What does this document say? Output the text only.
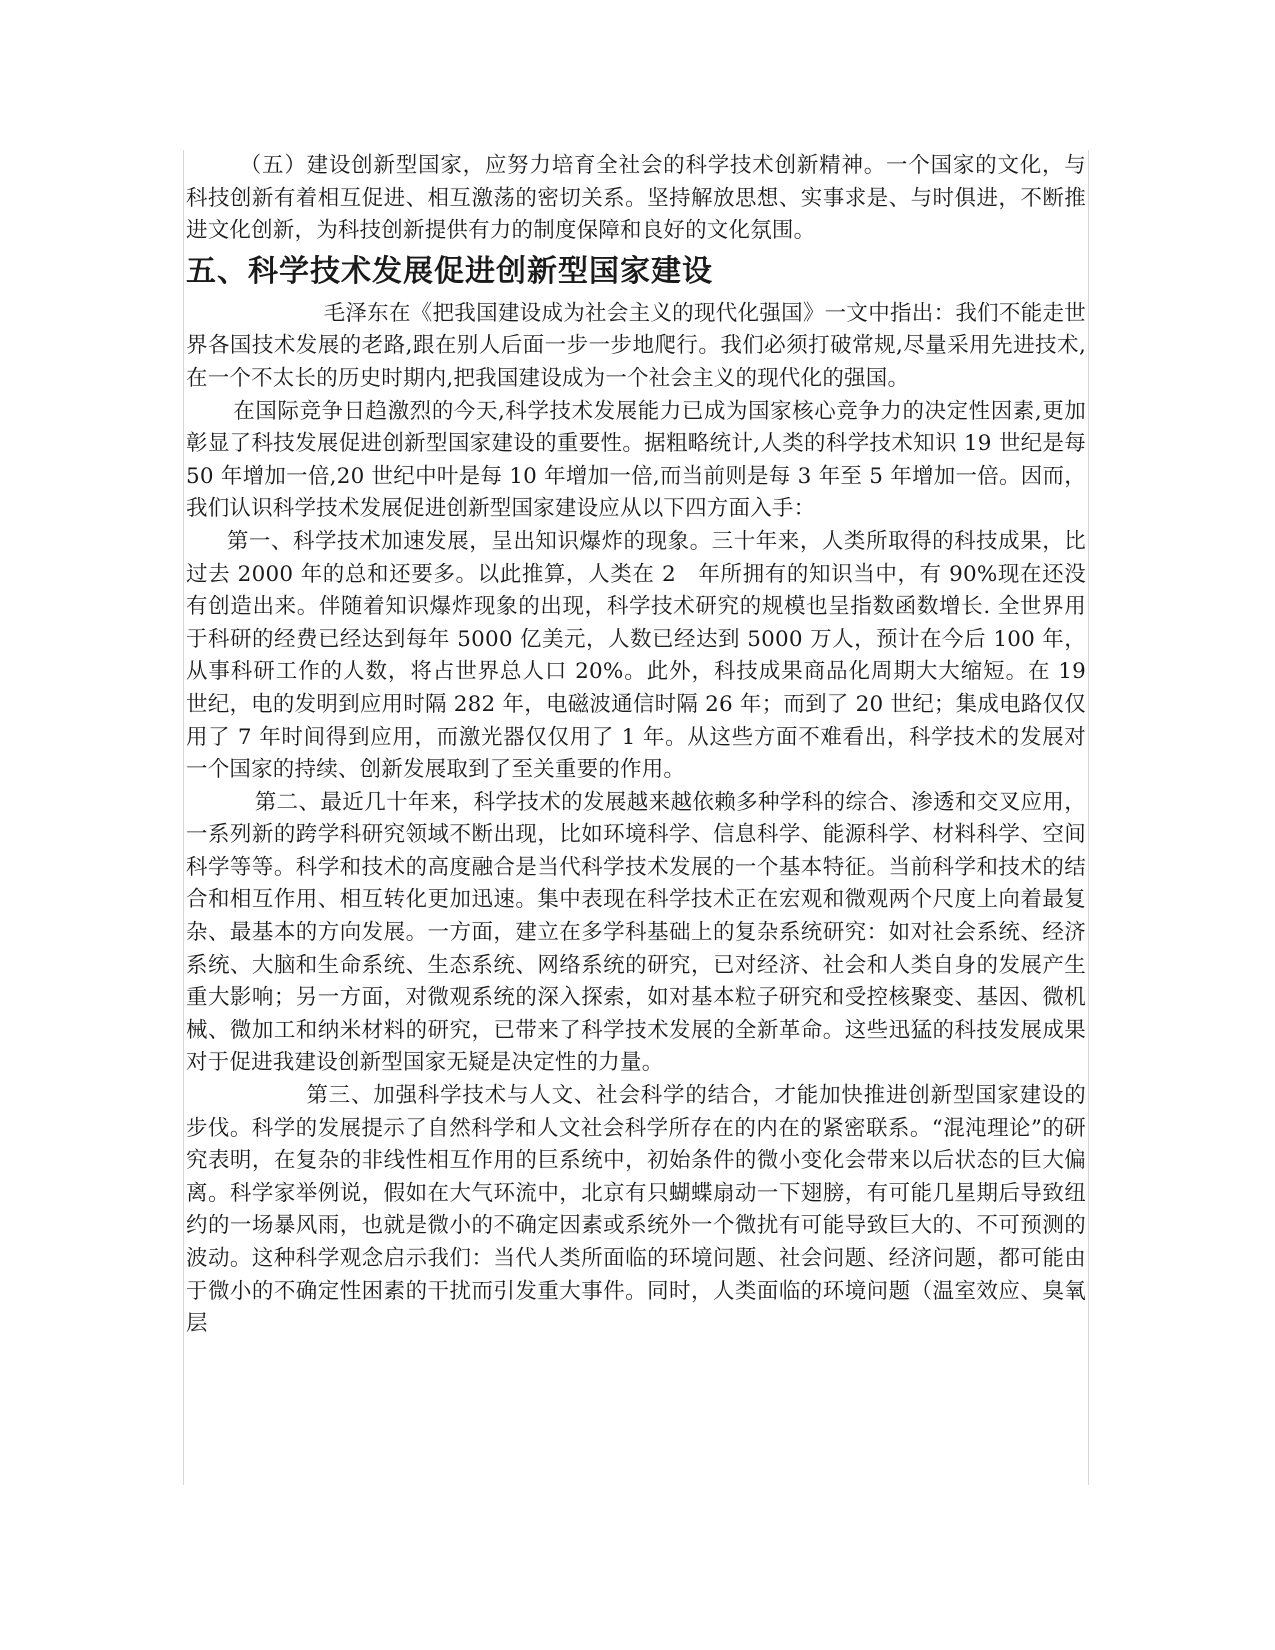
（五）建设创新型国家，应努力培育全社会的科学技术创新精神。一个国家的文化，与科技创新有着相互促进、相互激荡的密切关系。坚持解放思想、实事求是、与时俱进，不断推进文化创新，为科技创新提供有力的制度保障和良好的文化氛围。

五、科学技术发展促进创新型国家建设

毛泽东在《把我国建设成为社会主义的现代化强国》一文中指出：我们不能走世界各国技术发展的老路,跟在别人后面一步一步地爬行。我们必须打破常规,尽量采用先进技术,在一个不太长的历史时期内,把我国建设成为一个社会主义的现代化的强国。

在国际竞争日趋激烈的今天,科学技术发展能力已成为国家核心竞争力的决定性因素,更加彰显了科技发展促进创新型国家建设的重要性。据粗略统计,人类的科学技术知识 19 世纪是每 50 年增加一倍,20 世纪中叶是每 10 年增加一倍,而当前则是每 3 年至 5 年增加一倍。因而，我们认识科学技术发展促进创新型国家建设应从以下四方面入手：

第一、科学技术加速发展，呈出知识爆炸的现象。三十年来，人类所取得的科技成果，比过去 2000 年的总和还要多。以此推算，人类在 2　年所拥有的知识当中，有 90%现在还没有创造出来。伴随着知识爆炸现象的出现，科学技术研究的规模也呈指数函数增长. 全世界用于科研的经费已经达到每年 5000 亿美元，人数已经达到 5000 万人，预计在今后 100 年，从事科研工作的人数，将占世界总人口 20%。此外，科技成果商品化周期大大缩短。在 19 世纪，电的发明到应用时隔 282 年，电磁波通信时隔 26 年；而到了 20 世纪；集成电路仅仅用了 7 年时间得到应用，而激光器仅仅用了 1 年。从这些方面不难看出，科学技术的发展对一个国家的持续、创新发展取到了至关重要的作用。

第二、最近几十年来，科学技术的发展越来越依赖多种学科的综合、渗透和交叉应用，一系列新的跨学科研究领域不断出现，比如环境科学、信息科学、能源科学、材料科学、空间科学等等。科学和技术的高度融合是当代科学技术发展的一个基本特征。当前科学和技术的结合和相互作用、相互转化更加迅速。集中表现在科学技术正在宏观和微观两个尺度上向着最复杂、最基本的方向发展。一方面，建立在多学科基础上的复杂系统研究：如对社会系统、经济系统、大脑和生命系统、生态系统、网络系统的研究，已对经济、社会和人类自身的发展产生重大影响；另一方面，对微观系统的深入探索，如对基本粒子研究和受控核聚变、基因、微机械、微加工和纳米材料的研究，已带来了科学技术发展的全新革命。这些迅猛的科技发展成果对于促进我建设创新型国家无疑是决定性的力量。

第三、加强科学技术与人文、社会科学的结合，才能加快推进创新型国家建设的步伐。科学的发展提示了自然科学和人文社会科学所存在的内在的紧密联系。“混沌理论”的研究表明，在复杂的非线性相互作用的巨系统中，初始条件的微小变化会带来以后状态的巨大偏离。科学家举例说，假如在大气环流中，北京有只蝴蝶扇动一下翅膀，有可能几星期后导致纽约的一场暴风雨，也就是微小的不确定因素或系统外一个微扰有可能导致巨大的、不可预测的波动。这种科学观念启示我们：当代人类所面临的环境问题、社会问题、经济问题，都可能由于微小的不确定性困素的干扰而引发重大事件。同时，人类面临的环境问题（温室效应、臭氧层
